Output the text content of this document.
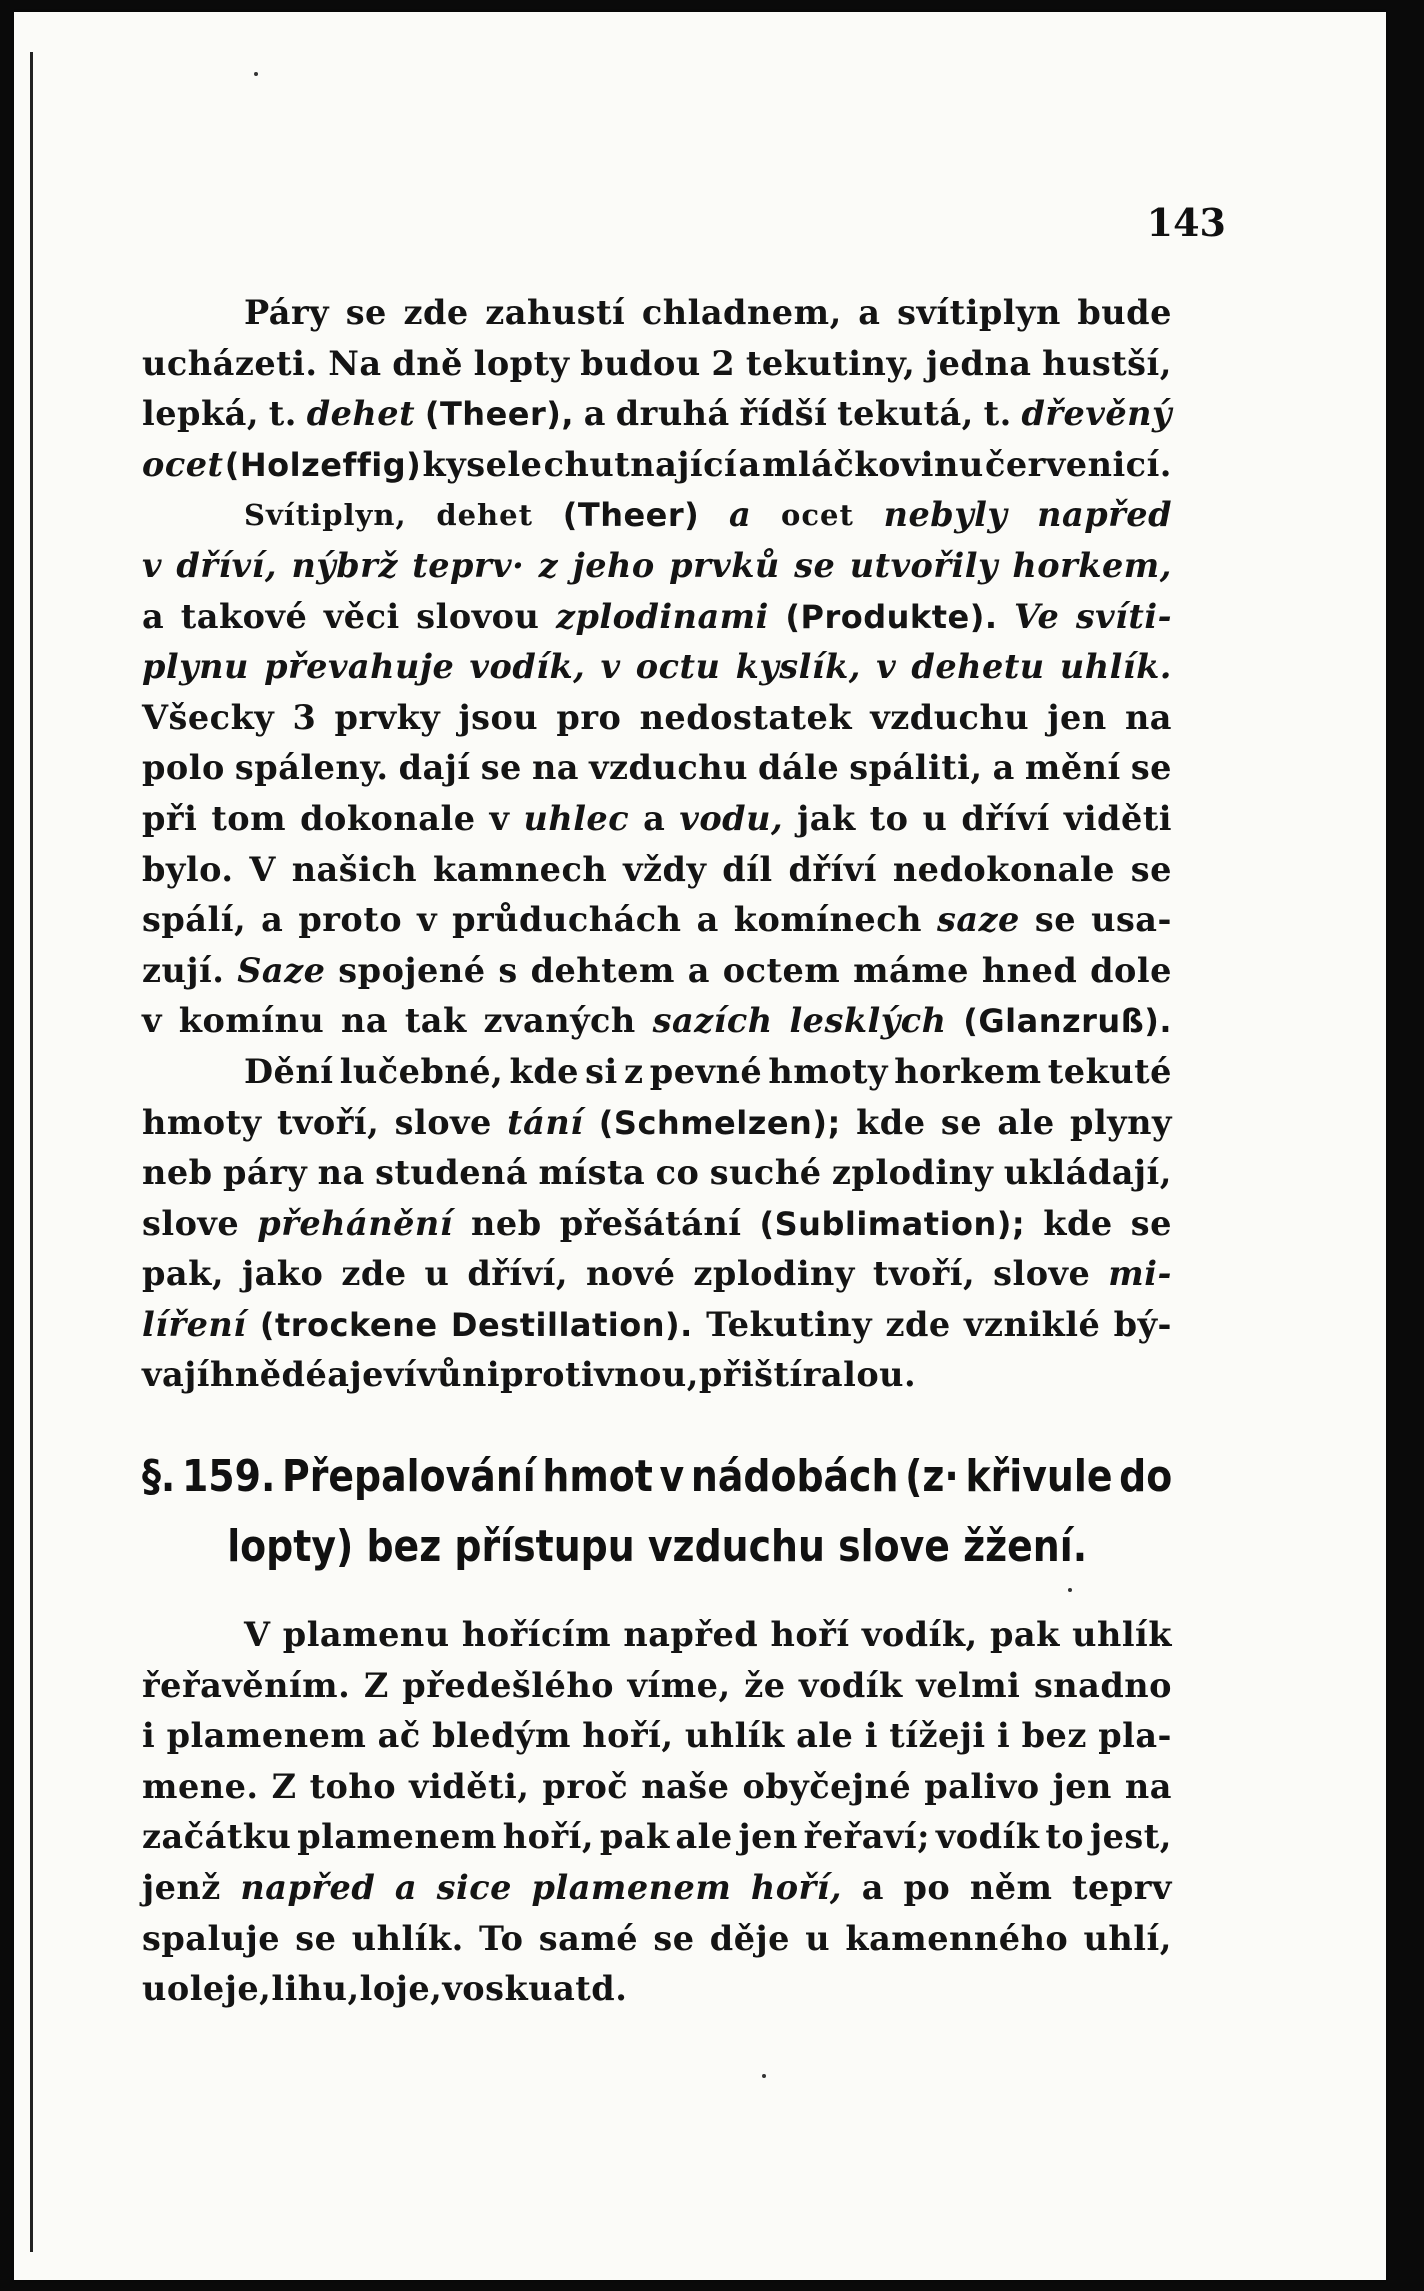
143
Páry se zde zahustí chladnem, a svítiplyn bude
ucházeti. Na dně lopty budou 2 tekutiny, jedna hustší,
lepká, t. dehet (Theer), a druhá řídší tekutá, t. dřevěný
ocet (Holzeffig) kysele chutnající a mláčkovinu červenicí.
Svítiplyn, dehet (Theer) a ocet nebyly napřed
v dříví, nýbrž teprv· z jeho prvků se utvořily horkem,
a takové věci slovou zplodinami (Produkte). Ve svíti-
plynu převahuje vodík, v octu kyslík, v dehetu uhlík.
Všecky 3 prvky jsou pro nedostatek vzduchu jen na
polo spáleny. dají se na vzduchu dále spáliti, a mění se
při tom dokonale v uhlec a vodu, jak to u dříví viděti
bylo. V našich kamnech vždy díl dříví nedokonale se
spálí, a proto v průduchách a komínech saze se usa-
zují. Saze spojené s dehtem a octem máme hned dole
v komínu na tak zvaných sazích lesklých (Glanzruß).
Dění lučebné, kde si z pevné hmoty horkem tekuté
hmoty tvoří, slove tání (Schmelzen); kde se ale plyny
neb páry na studená místa co suché zplodiny ukládají,
slove přehánění neb přešátání (Sublimation); kde se
pak, jako zde u dříví, nové zplodiny tvoří, slove mi-
líření (trockene Destillation). Tekutiny zde vzniklé bý-
vají hnědé a jeví vůni protivnou, přištíralou.
§. 159. Přepalování hmot v nádobách (z· křivule do
lopty) bez přístupu vzduchu slove žžení.
V plamenu hořícím napřed hoří vodík, pak uhlík
řeřavěním. Z předešlého víme, že vodík velmi snadno
i plamenem ač bledým hoří, uhlík ale i tížeji i bez pla-
mene. Z toho viděti, proč naše obyčejné palivo jen na
začátku plamenem hoří, pak ale jen řeřaví; vodík to jest,
jenž napřed a sice plamenem hoří, a po něm teprv
spaluje se uhlík. To samé se děje u kamenného uhlí,
u oleje, lihu, loje, vosku atd.
